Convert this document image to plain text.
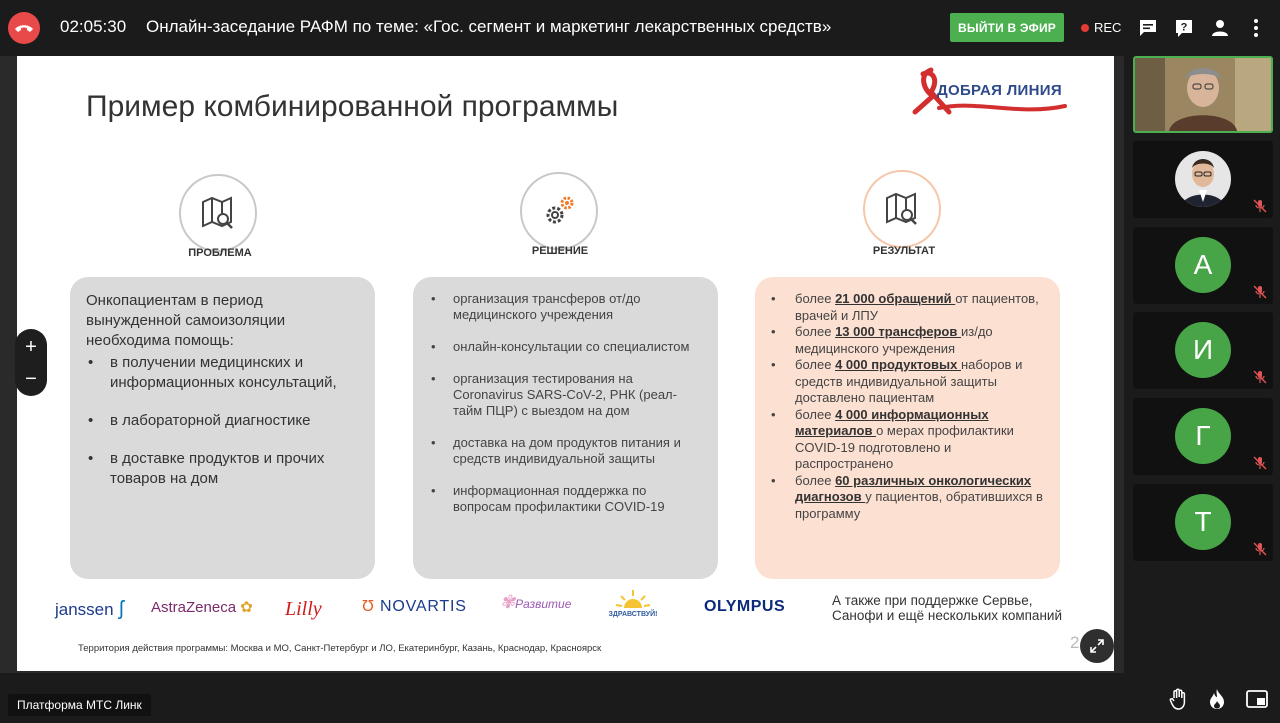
02:05:30 Онлайн-заседание РАФМ по теме: «Гос. сегмент и маркетинг лекарственных средств»	ВЫЙТИ В ЭФИР	REC	?
Пример комбинированной программы	ДОБРАЯ ЛИНИЯ
ПРОБЛЕМА	РЕШЕНИЕ	РЕЗУЛЬТАТ
Онкопациентам в период вынужденной самоизоляции необходима помощь:
• в получении медицинских и информационных консультаций,
• в лабораторной диагностике
• в доставке продуктов и прочих товаров на дом
• организация трансферов от/до медицинского учреждения
• онлайн-консультации со специалистом
• организация тестирования на Coronavirus SARS-CoV-2, РНК (реал-тайм ПЦР) с выездом на дом
• доставка на дом продуктов питания и средств индивидуальной защиты
• информационная поддержка по вопросам профилактики COVID-19
• более 21 000 обращений от пациентов, врачей и ЛПУ
• более 13 000 трансферов из/до медицинского учреждения
• более 4 000 продуктовых наборов и средств индивидуальной защиты доставлено пациентам
• более 4 000 информационных материалов о мерах профилактики COVID-19 подготовлено и распространено
• более 60 различных онкологических диагнозов у пациентов, обратившихся в программу
janssen ʃ AstraZeneca ✿ Lilly	Ʊ NOVARTIS ✾Развитие
ЗДРАВСТВУЙ!	OLYMPUS	А также при поддержке Сервье, Санофи и ещё нескольких компаний
Территория действия программы: Москва и МО, Санкт-Петербург и ЛО, Екатеринбург, Казань, Краснодар, Красноярск	2
+
−
А
И
Г
Т
Платформа МТС Линк
